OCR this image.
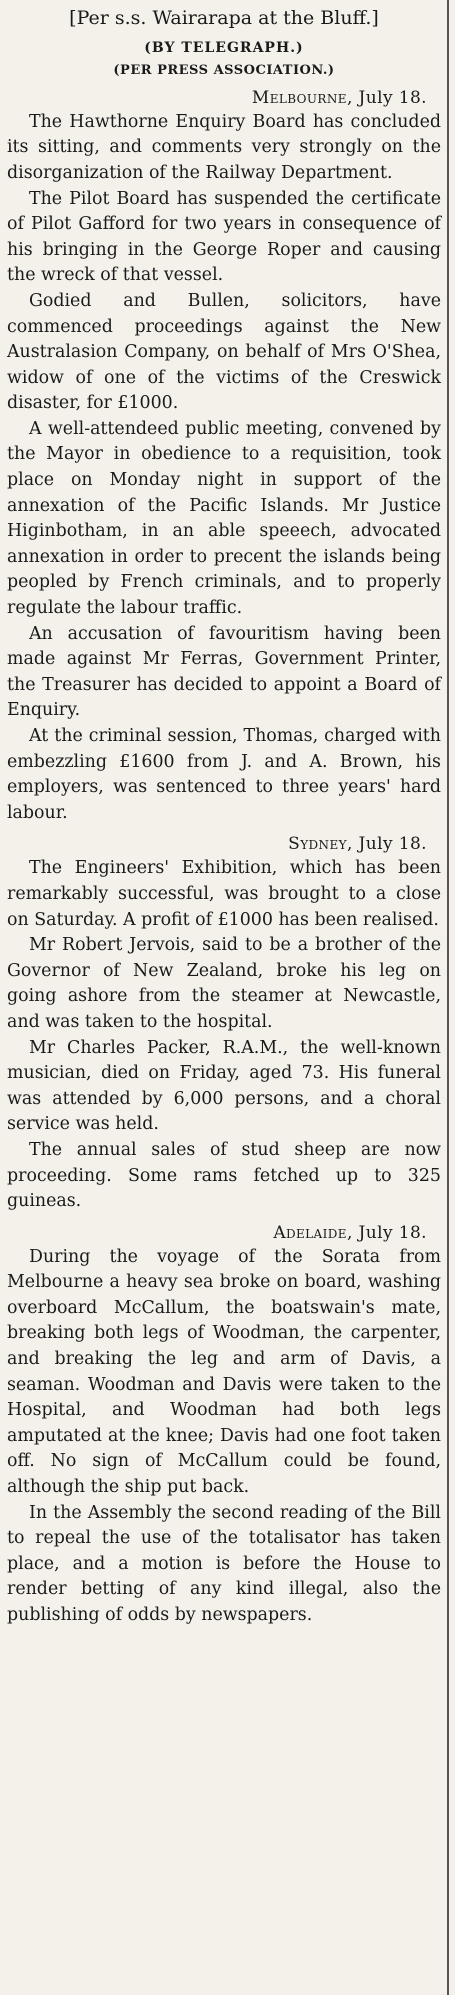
[Per s.s. Wairarapa at the Bluff.]
(BY TELEGRAPH.)
(PER PRESS ASSOCIATION.)
Melbourne, July 18.

The Hawthorne Enquiry Board has concluded its sitting, and comments very strongly on the disorganization of the Railway Department.

The Pilot Board has suspended the certificate of Pilot Gafford for two years in consequence of his bringing in the George Roper and causing the wreck of that vessel.

Godied and Bullen, solicitors, have commenced proceedings against the New Australasion Company, on behalf of Mrs O'Shea, widow of one of the victims of the Creswick disaster, for £1000.

A well-attendeed public meeting, convened by the Mayor in obedience to a requisition, took place on Monday night in support of the annexation of the Pacific Islands. Mr Justice Higinbotham, in an able speeech, advocated annexation in order to precent the islands being peopled by French criminals, and to properly regulate the labour traffic.

An accusation of favouritism having been made against Mr Ferras, Government Printer, the Treasurer has decided to appoint a Board of Enquiry.

At the criminal session, Thomas, charged with embezzling £1600 from J. and A. Brown, his employers, was sentenced to three years' hard labour.

Sydney, July 18.

The Engineers' Exhibition, which has been remarkably successful, was brought to a close on Saturday. A profit of £1000 has been realised.

Mr Robert Jervois, said to be a brother of the Governor of New Zealand, broke his leg on going ashore from the steamer at Newcastle, and was taken to the hospital.

Mr Charles Packer, R.A.M., the well-known musician, died on Friday, aged 73. His funeral was attended by 6,000 persons, and a choral service was held.

The annual sales of stud sheep are now proceeding. Some rams fetched up to 325 guineas.

Adelaide, July 18.

During the voyage of the Sorata from Melbourne a heavy sea broke on board, washing overboard McCallum, the boatswain's mate, breaking both legs of Woodman, the carpenter, and breaking the leg and arm of Davis, a seaman. Woodman and Davis were taken to the Hospital, and Woodman had both legs amputated at the knee; Davis had one foot taken off. No sign of McCallum could be found, although the ship put back.

In the Assembly the second reading of the Bill to repeal the use of the totalisator has taken place, and a motion is before the House to render betting of any kind illegal, also the publishing of odds by newspapers.
